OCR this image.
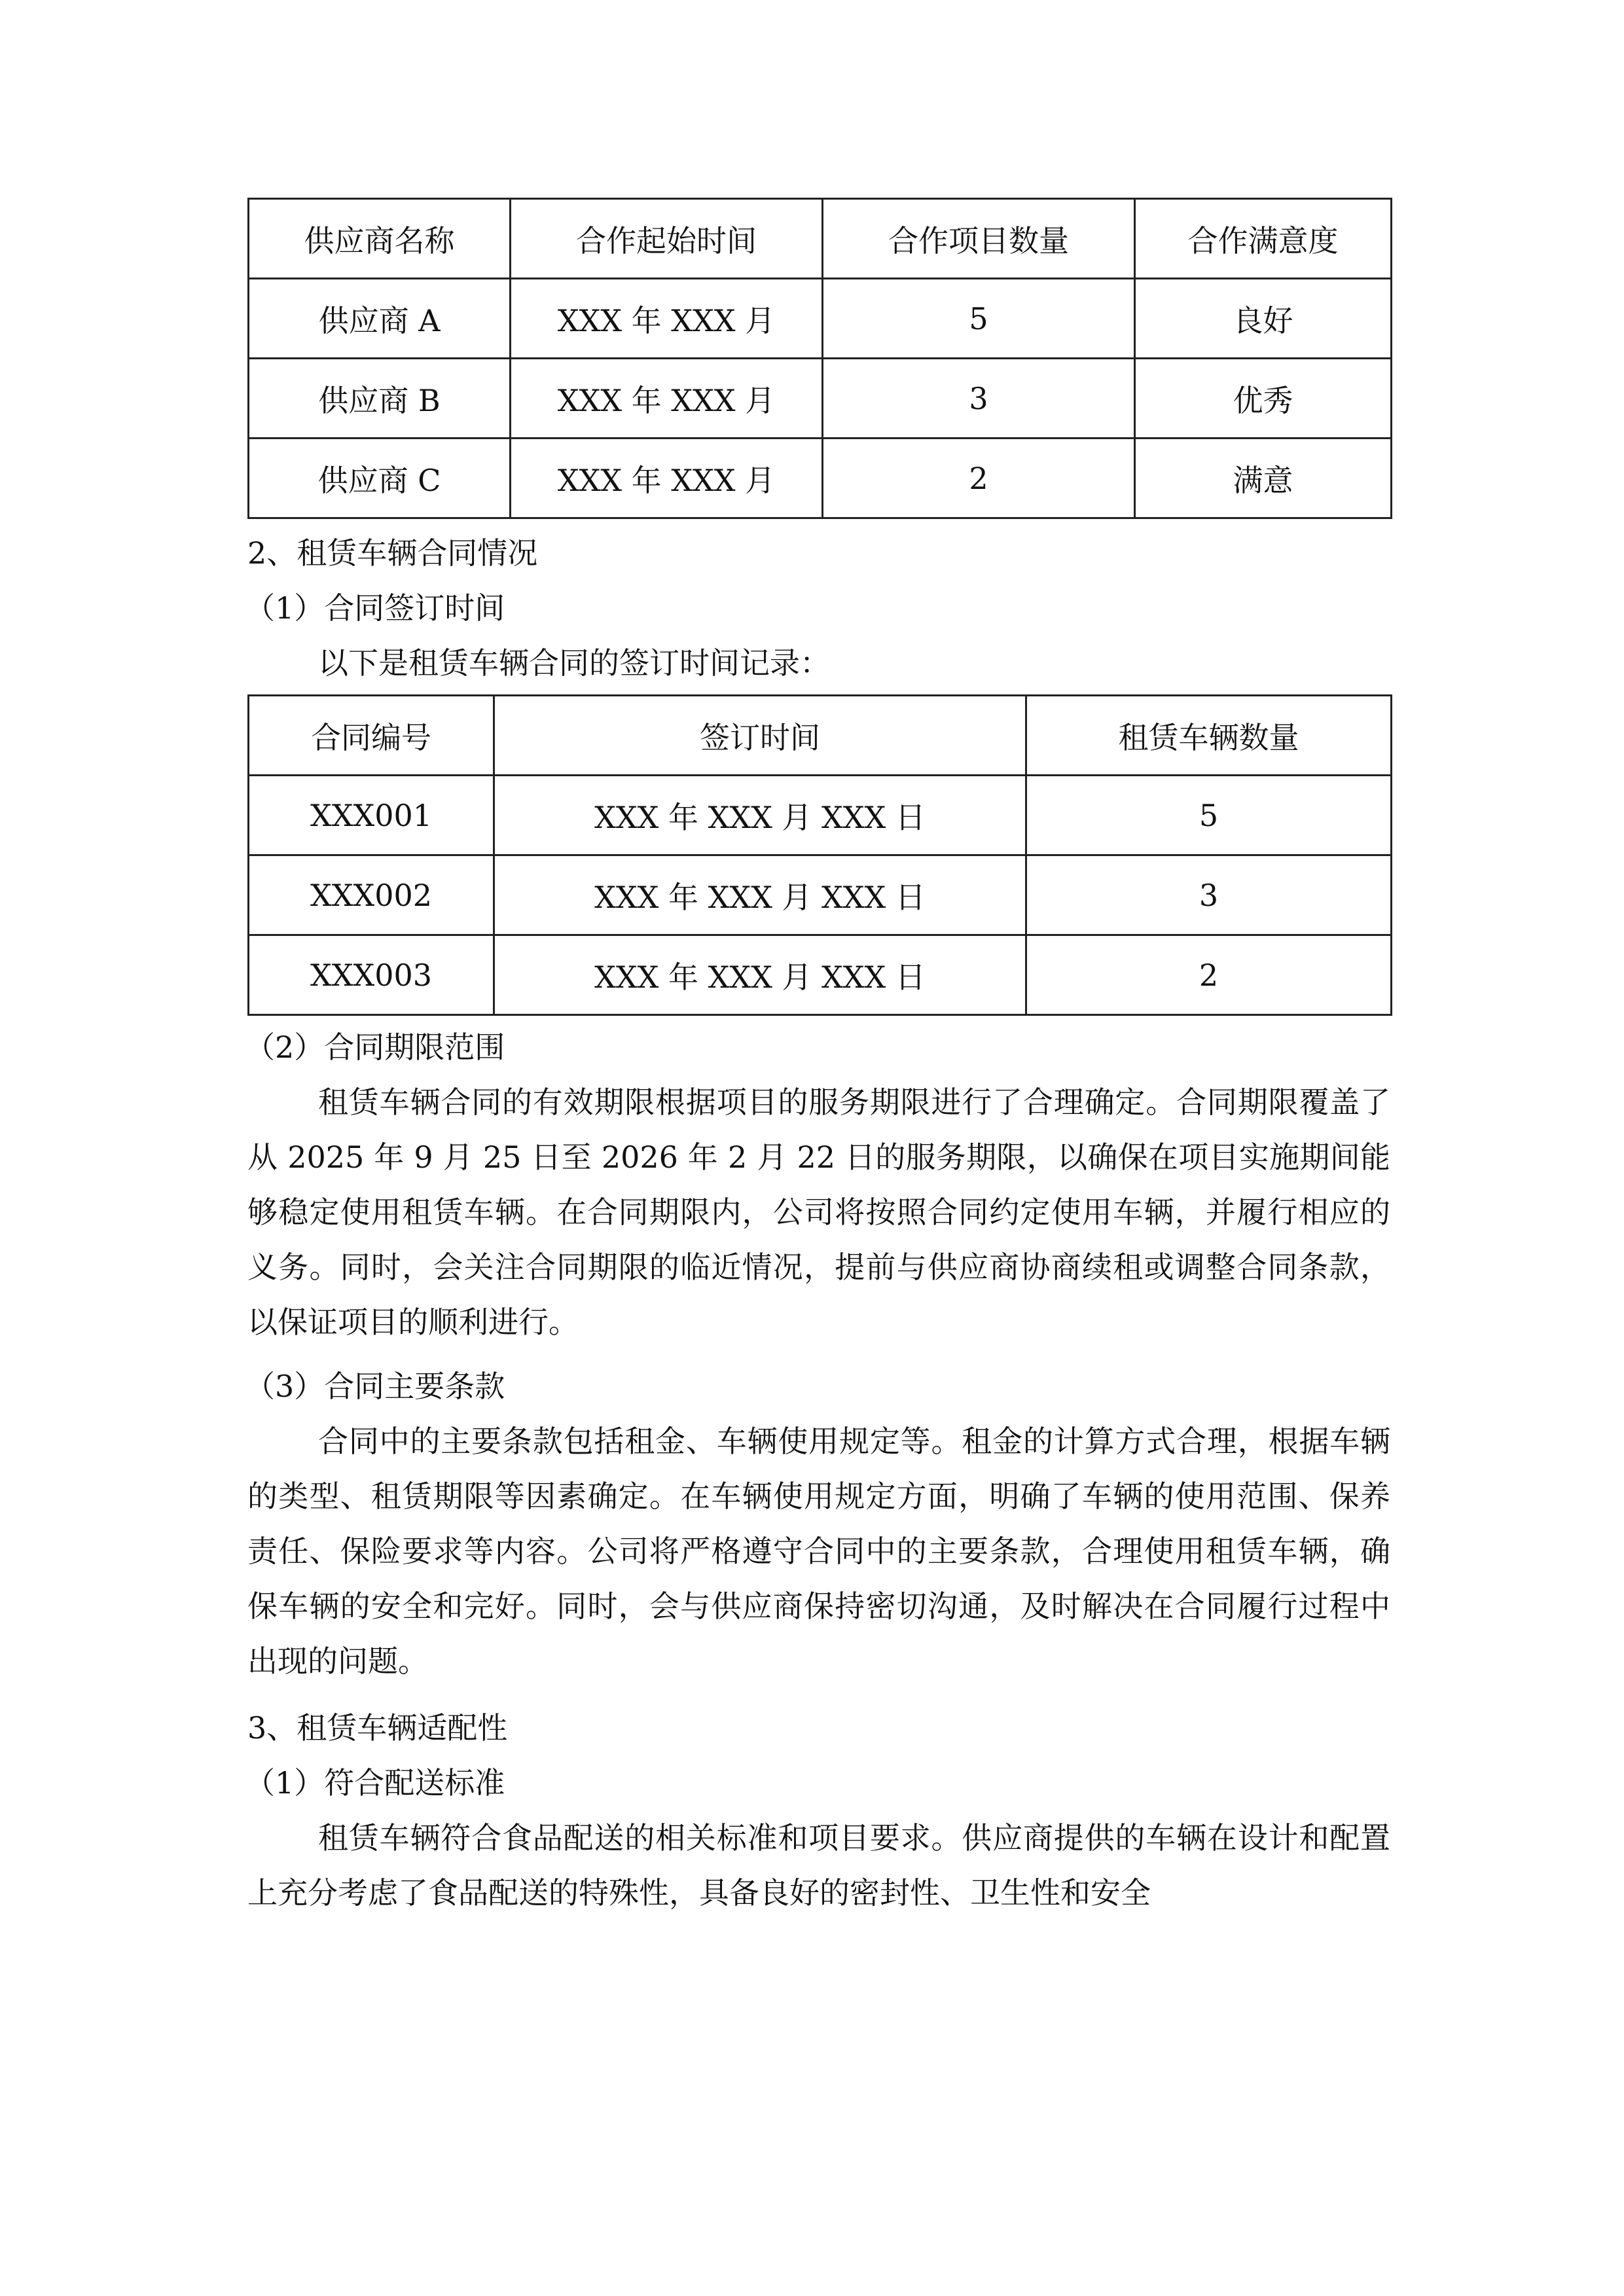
供应商名称	合作起始时间	合作项目数量	合作满意度
供应商 A	XXX 年 XXX 月	5	良好
供应商 B	XXX 年 XXX 月	3	优秀
供应商 C	XXX 年 XXX 月	2	满意
2、租赁车辆合同情况
（1）合同签订时间
以下是租赁车辆合同的签订时间记录：
合同编号	签订时间	租赁车辆数量
XXX001	XXX 年 XXX 月 XXX 日	5
XXX002	XXX 年 XXX 月 XXX 日	3
XXX003	XXX 年 XXX 月 XXX 日	2
（2）合同期限范围
租赁车辆合同的有效期限根据项目的服务期限进行了合理确定。合同期限覆盖了从 2025 年 9 月 25 日至 2026 年 2 月 22 日的服务期限，以确保在项目实施期间能够稳定使用租赁车辆。在合同期限内，公司将按照合同约定使用车辆，并履行相应的义务。同时，会关注合同期限的临近情况，提前与供应商协商续租或调整合同条款，以保证项目的顺利进行。
（3）合同主要条款
合同中的主要条款包括租金、车辆使用规定等。租金的计算方式合理，根据车辆的类型、租赁期限等因素确定。在车辆使用规定方面，明确了车辆的使用范围、保养责任、保险要求等内容。公司将严格遵守合同中的主要条款，合理使用租赁车辆，确保车辆的安全和完好。同时，会与供应商保持密切沟通，及时解决在合同履行过程中出现的问题。
3、租赁车辆适配性
（1）符合配送标准
租赁车辆符合食品配送的相关标准和项目要求。供应商提供的车辆在设计和配置上充分考虑了食品配送的特殊性，具备良好的密封性、卫生性和安全
